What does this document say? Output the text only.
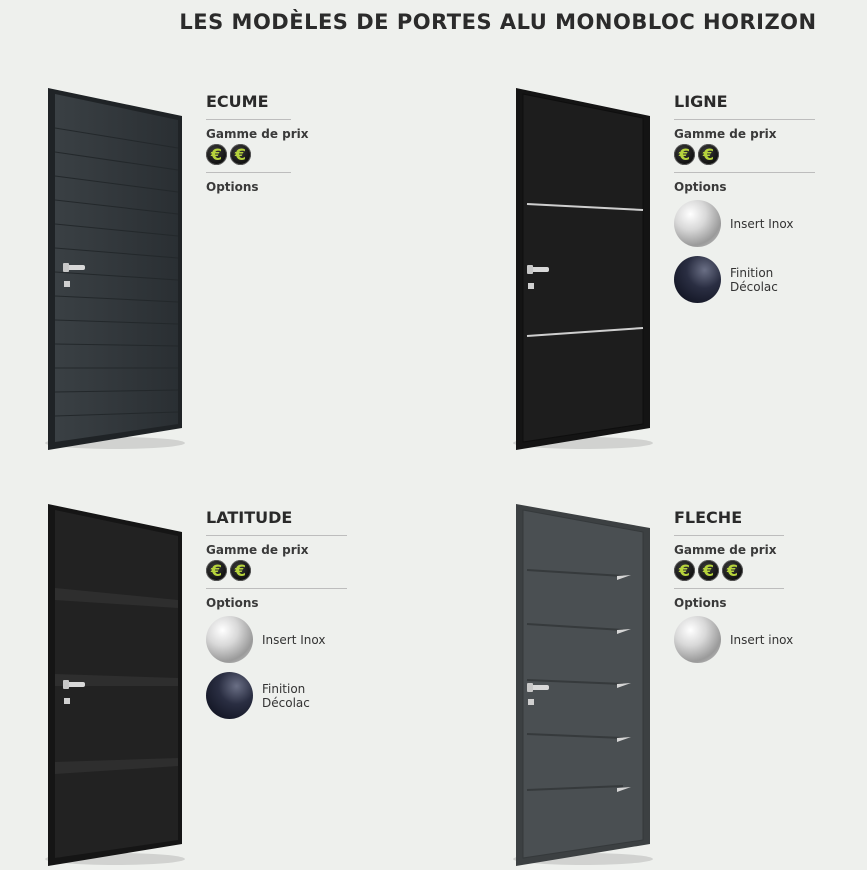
LES MODÈLES DE PORTES ALU MONOBLOC HORIZON
ECUME
Gamme de prix
€ €
Options
LIGNE
Gamme de prix
€ €
Options
Insert Inox
Finition Décolac
LATITUDE
Gamme de prix
€ €
Options
Insert Inox
Finition Décolac
FLECHE
Gamme de prix
€ € €
Options
Insert inox
